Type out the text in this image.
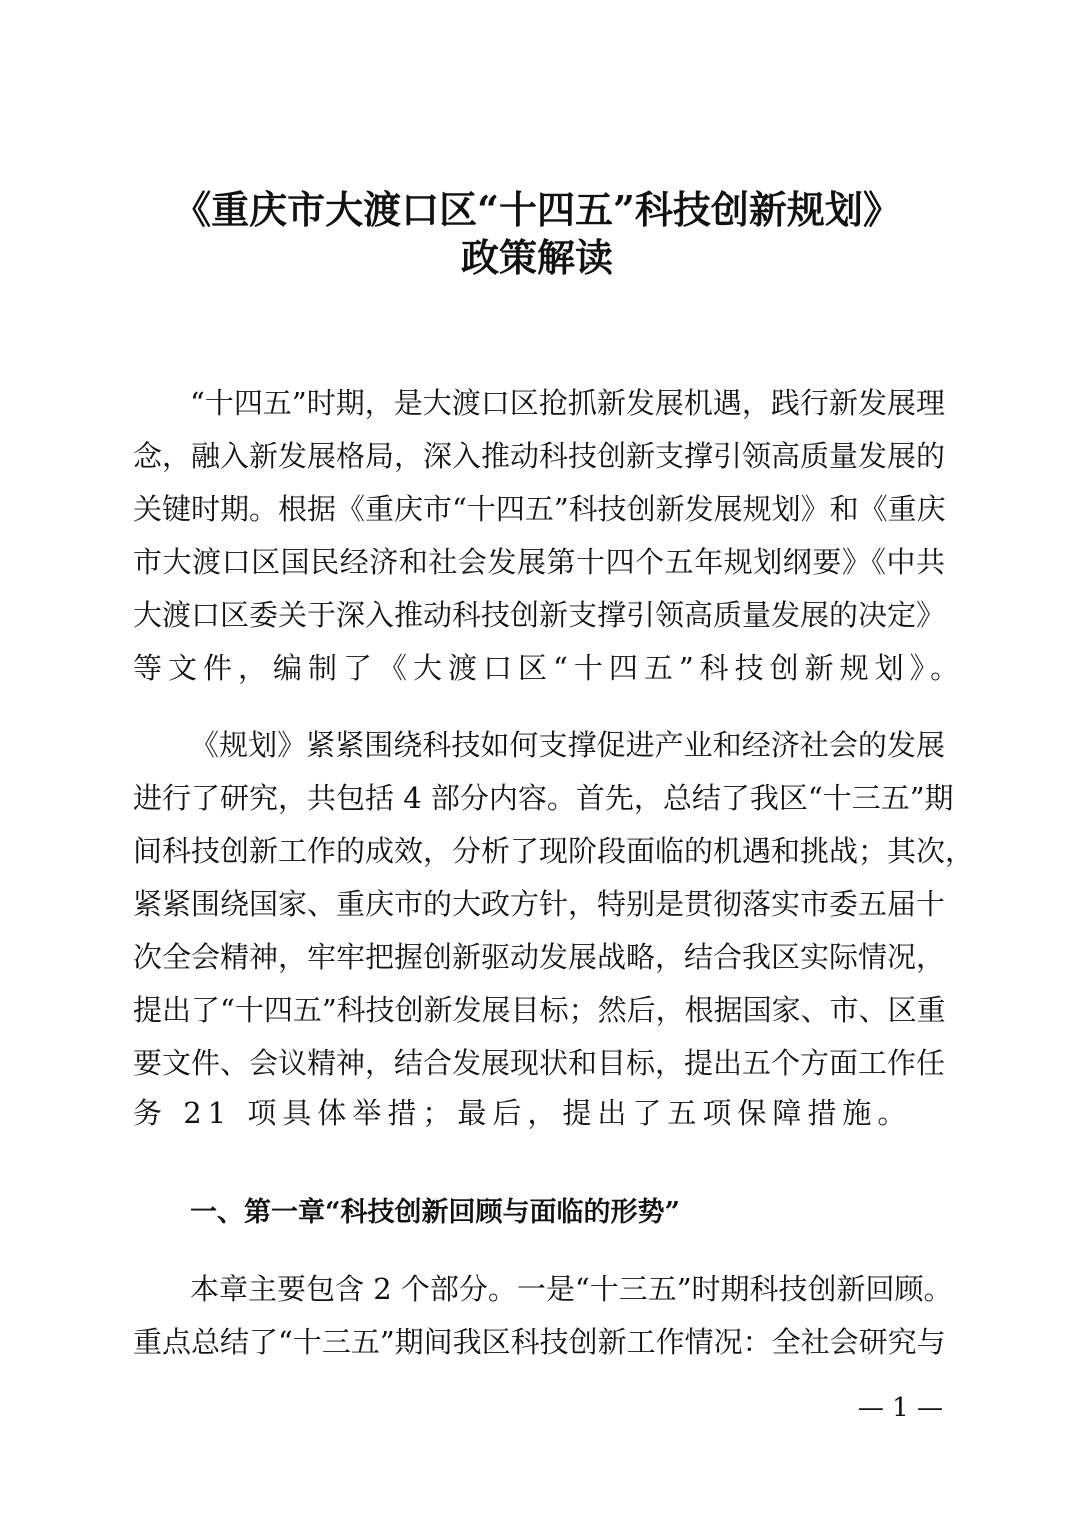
《重庆市大渡口区“十四五”科技创新规划》
政策解读
“十四五”时期，是大渡口区抢抓新发展机遇，践行新发展理
念，融入新发展格局，深入推动科技创新支撑引领高质量发展的
关键时期。根据《重庆市“十四五”科技创新发展规划》和《重庆
市大渡口区国民经济和社会发展第十四个五年规划纲要》《中共
大渡口区委关于深入推动科技创新支撑引领高质量发展的决定》
等文件，编制了《大渡口区“十四五”科技创新规划》。
《规划》紧紧围绕科技如何支撑促进产业和经济社会的发展
进行了研究，共包括 4 部分内容。首先，总结了我区“十三五”期
间科技创新工作的成效，分析了现阶段面临的机遇和挑战；其次，
紧紧围绕国家、重庆市的大政方针，特别是贯彻落实市委五届十
次全会精神，牢牢把握创新驱动发展战略，结合我区实际情况，
提出了“十四五”科技创新发展目标；然后，根据国家、市、区重
要文件、会议精神，结合发展现状和目标，提出五个方面工作任
务 21 项具体举措；最后，提出了五项保障措施。
一、第一章“科技创新回顾与面临的形势”
本章主要包含 2 个部分。一是“十三五”时期科技创新回顾。
重点总结了“十三五”期间我区科技创新工作情况：全社会研究与
— 1 —
